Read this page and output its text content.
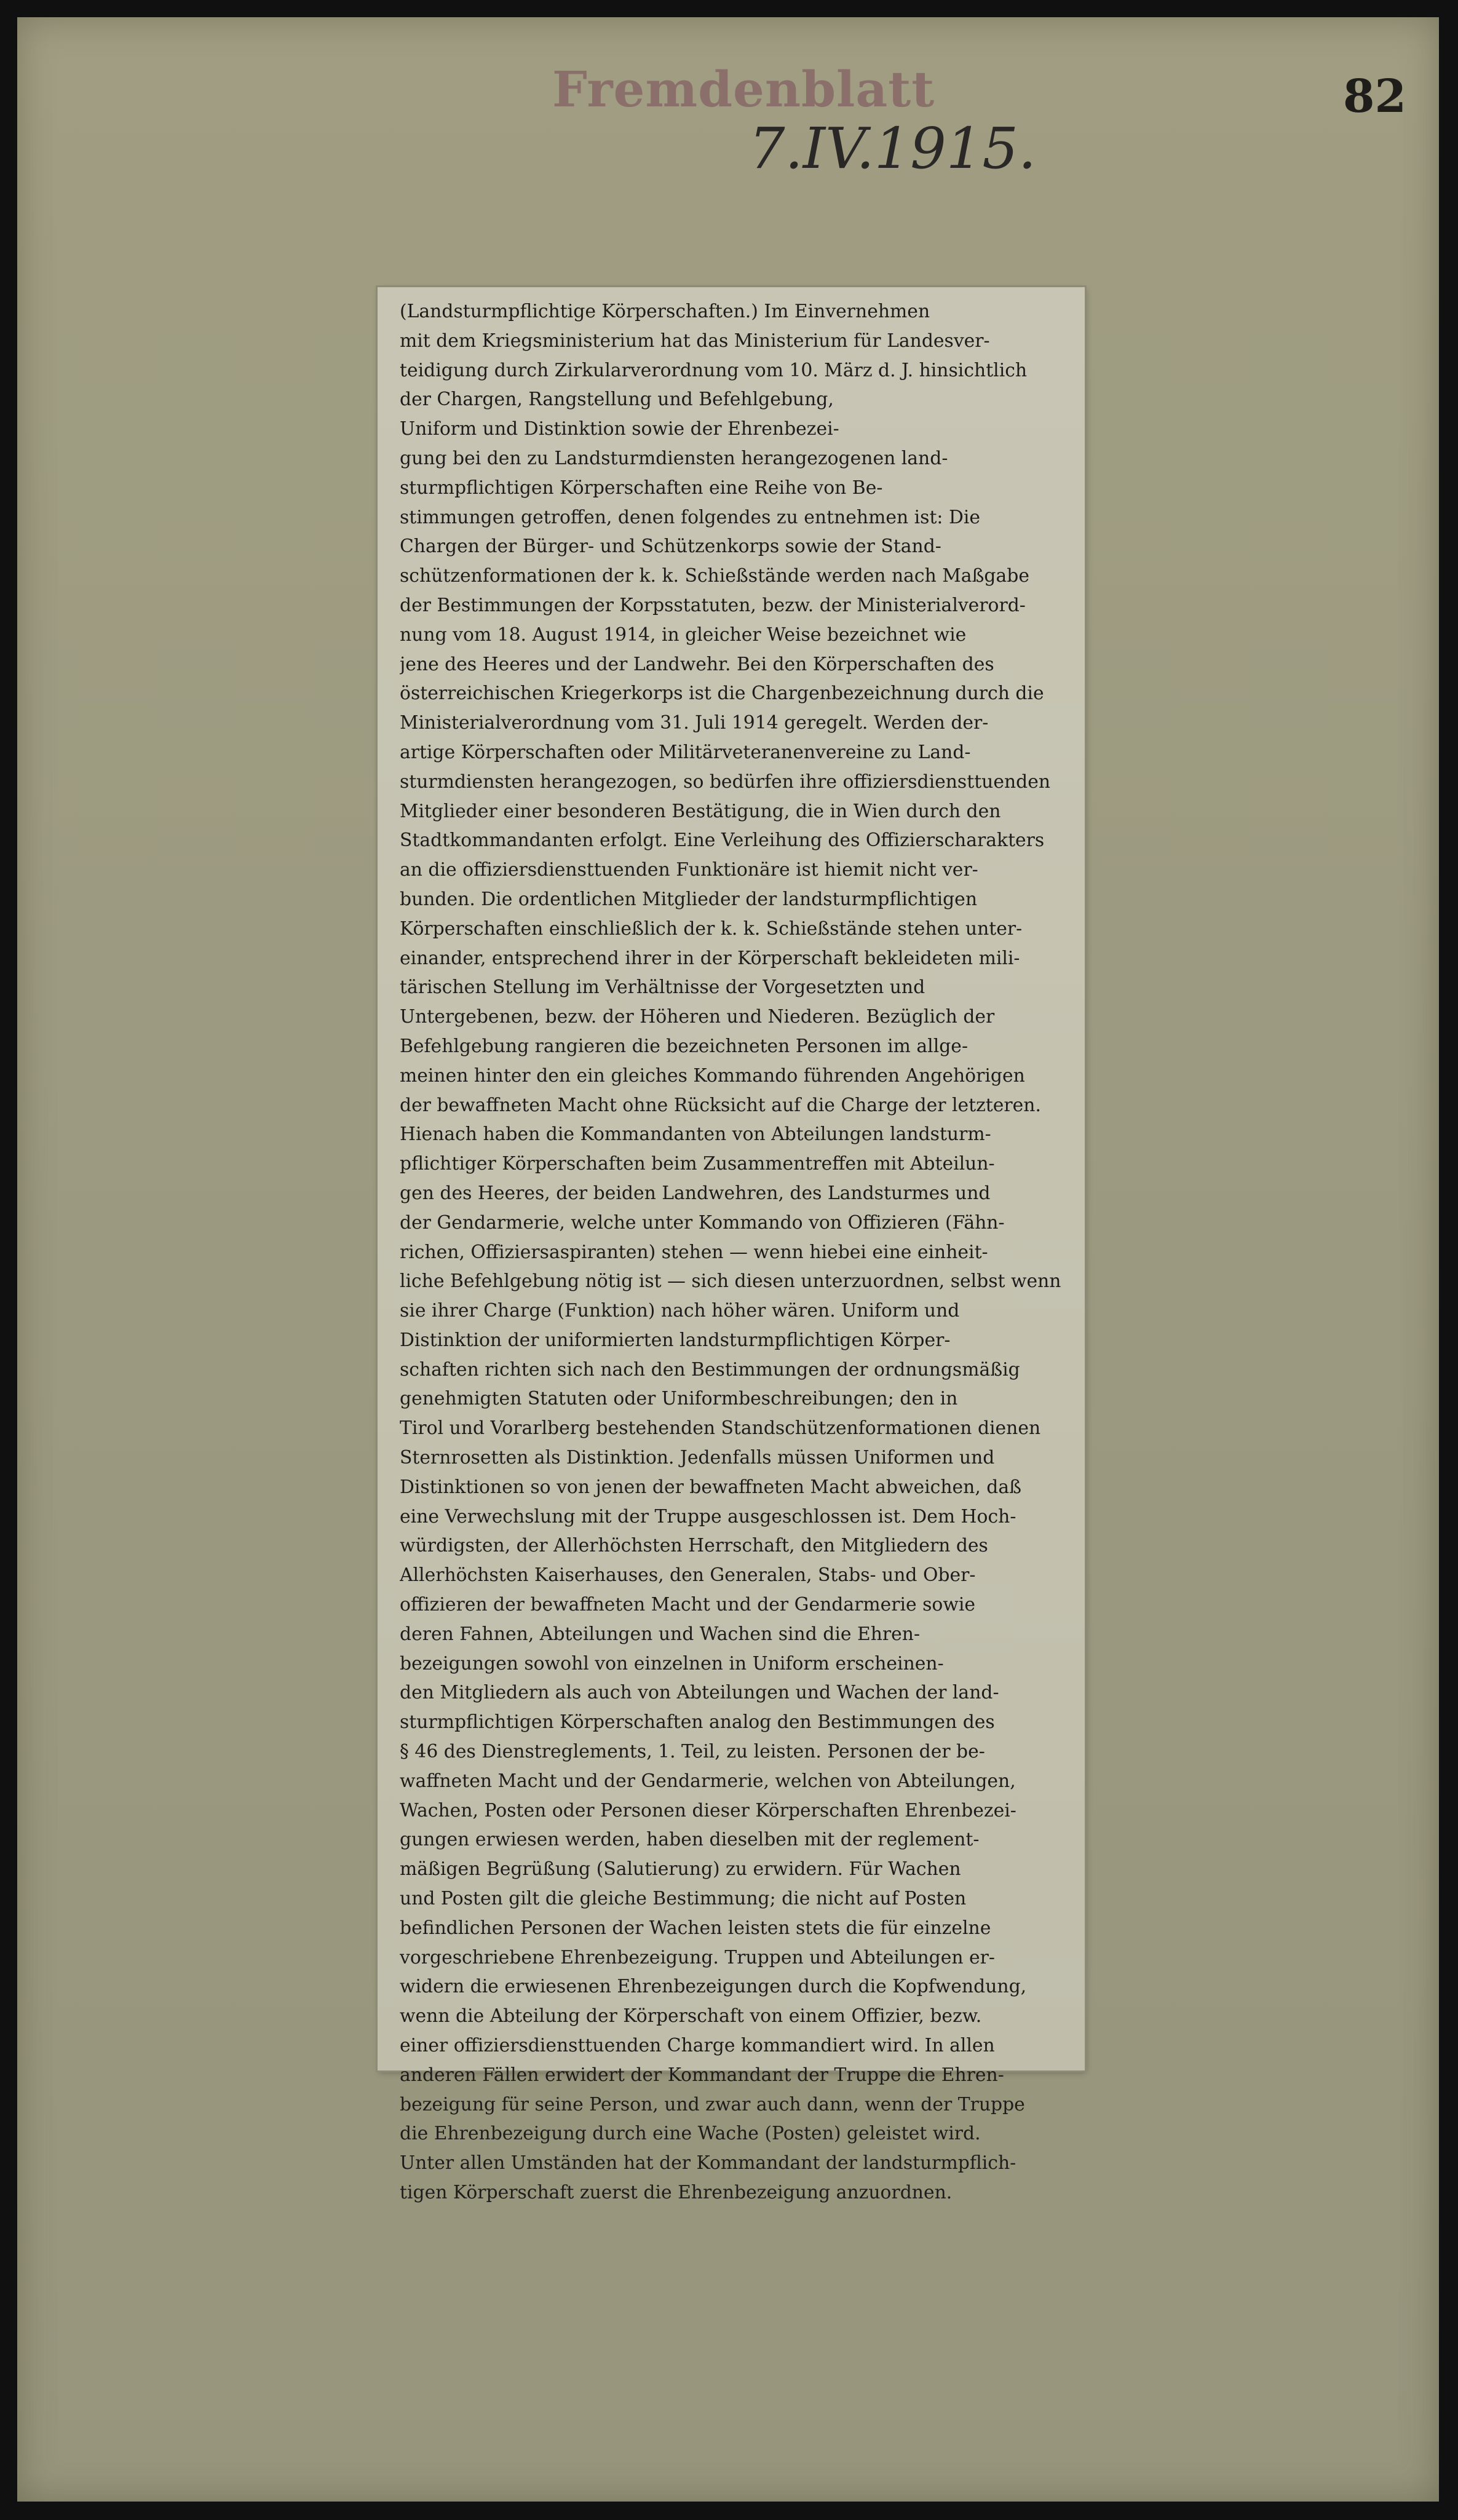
Fremdenblatt
7.IV.1915.
82

(Landsturmpflichtige Körperschaften.) Im Einvernehmen
mit dem Kriegsministerium hat das Ministerium für Landesver-
teidigung durch Zirkularverordnung vom 10. März d. J. hinsichtlich
der Chargen, Rangstellung und Befehlgebung,
Uniform und Distinktion sowie der Ehrenbezei-
gung bei den zu Landsturmdiensten herangezogenen land-
sturmpflichtigen Körperschaften eine Reihe von Be-
stimmungen getroffen, denen folgendes zu entnehmen ist: Die
Chargen der Bürger- und Schützenkorps sowie der Stand-
schützenformationen der k. k. Schießstände werden nach Maßgabe
der Bestimmungen der Korpsstatuten, bezw. der Ministerialverord-
nung vom 18. August 1914, in gleicher Weise bezeichnet wie
jene des Heeres und der Landwehr. Bei den Körperschaften des
österreichischen Kriegerkorps ist die Chargenbezeichnung durch die
Ministerialverordnung vom 31. Juli 1914 geregelt. Werden der-
artige Körperschaften oder Militärveteranenvereine zu Land-
sturmdiensten herangezogen, so bedürfen ihre offiziersdiensttuenden
Mitglieder einer besonderen Bestätigung, die in Wien durch den
Stadtkommandanten erfolgt. Eine Verleihung des Offizierscharakters
an die offiziersdiensttuenden Funktionäre ist hiemit nicht ver-
bunden. Die ordentlichen Mitglieder der landsturmpflichtigen
Körperschaften einschließlich der k. k. Schießstände stehen unter-
einander, entsprechend ihrer in der Körperschaft bekleideten mili-
tärischen Stellung im Verhältnisse der Vorgesetzten und
Untergebenen, bezw. der Höheren und Niederen. Bezüglich der
Befehlgebung rangieren die bezeichneten Personen im allge-
meinen hinter den ein gleiches Kommando führenden Angehörigen
der bewaffneten Macht ohne Rücksicht auf die Charge der letzteren.
Hienach haben die Kommandanten von Abteilungen landsturm-
pflichtiger Körperschaften beim Zusammentreffen mit Abteilun-
gen des Heeres, der beiden Landwehren, des Landsturmes und
der Gendarmerie, welche unter Kommando von Offizieren (Fähn-
richen, Offiziersaspiranten) stehen — wenn hiebei eine einheit-
liche Befehlgebung nötig ist — sich diesen unterzuordnen, selbst wenn
sie ihrer Charge (Funktion) nach höher wären. Uniform und
Distinktion der uniformierten landsturmpflichtigen Körper-
schaften richten sich nach den Bestimmungen der ordnungsmäßig
genehmigten Statuten oder Uniformbeschreibungen; den in
Tirol und Vorarlberg bestehenden Standschützenformationen dienen
Sternrosetten als Distinktion. Jedenfalls müssen Uniformen und
Distinktionen so von jenen der bewaffneten Macht abweichen, daß
eine Verwechslung mit der Truppe ausgeschlossen ist. Dem Hoch-
würdigsten, der Allerhöchsten Herrschaft, den Mitgliedern des
Allerhöchsten Kaiserhauses, den Generalen, Stabs- und Ober-
offizieren der bewaffneten Macht und der Gendarmerie sowie
deren Fahnen, Abteilungen und Wachen sind die Ehren-
bezeigungen sowohl von einzelnen in Uniform erscheinen-
den Mitgliedern als auch von Abteilungen und Wachen der land-
sturmpflichtigen Körperschaften analog den Bestimmungen des
§ 46 des Dienstreglements, 1. Teil, zu leisten. Personen der be-
waffneten Macht und der Gendarmerie, welchen von Abteilungen,
Wachen, Posten oder Personen dieser Körperschaften Ehrenbezei-
gungen erwiesen werden, haben dieselben mit der reglement-
mäßigen Begrüßung (Salutierung) zu erwidern. Für Wachen
und Posten gilt die gleiche Bestimmung; die nicht auf Posten
befindlichen Personen der Wachen leisten stets die für einzelne
vorgeschriebene Ehrenbezeigung. Truppen und Abteilungen er-
widern die erwiesenen Ehrenbezeigungen durch die Kopfwendung,
wenn die Abteilung der Körperschaft von einem Offizier, bezw.
einer offiziersdiensttuenden Charge kommandiert wird. In allen
anderen Fällen erwidert der Kommandant der Truppe die Ehren-
bezeigung für seine Person, und zwar auch dann, wenn der Truppe
die Ehrenbezeigung durch eine Wache (Posten) geleistet wird.
Unter allen Umständen hat der Kommandant der landsturmpflich-
tigen Körperschaft zuerst die Ehrenbezeigung anzuordnen.
